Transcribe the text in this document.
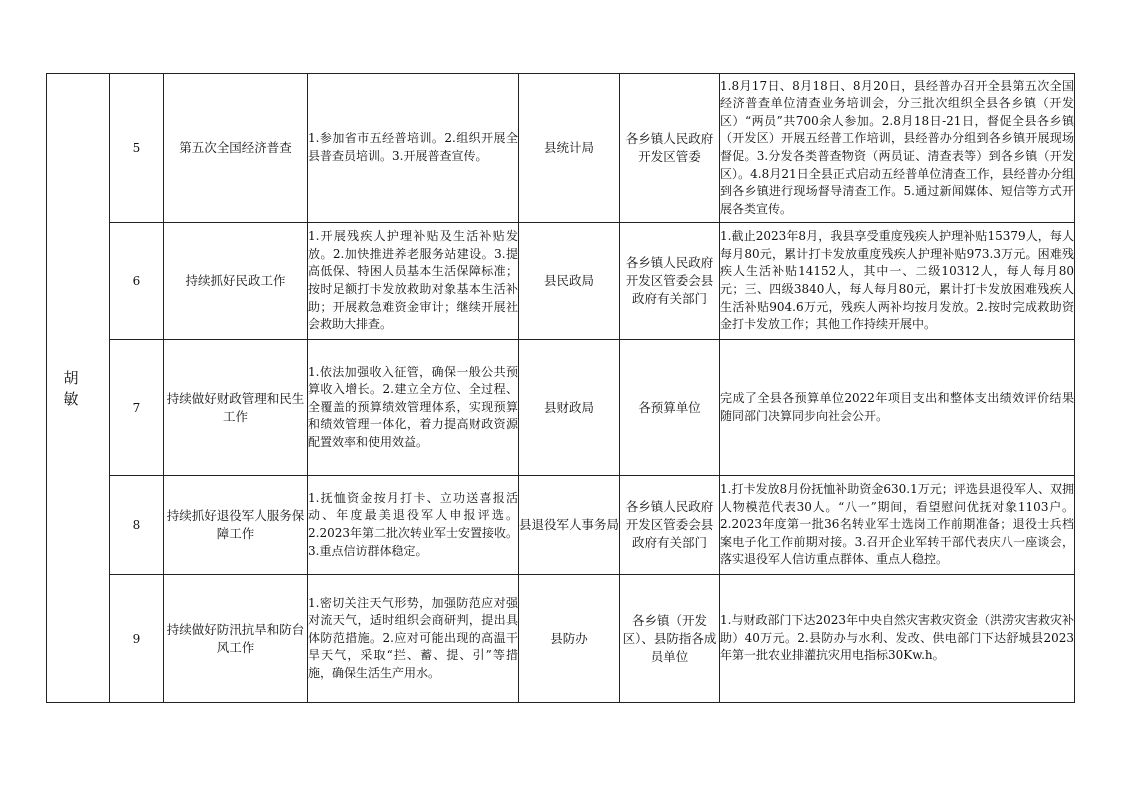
胡 敏	5	第五次全国经济普查	1.参加省市五经普培训。2.组织开展全县普查员培训。3.开展普查宣传。	县统计局	各乡镇人民政府开发区管委	1.8月17日、8月18日、8月20日，县经普办召开全县第五次全国经济普查单位清查业务培训会，分三批次组织全县各乡镇（开发区）“两员”共700余人参加。2.8月18日-21日，督促全县各乡镇（开发区）开展五经普工作培训，县经普办分组到各乡镇开展现场督促。3.分发各类普查物资（两员证、清查表等）到各乡镇（开发区）。4.8月21日全县正式启动五经普单位清查工作，县经普办分组到各乡镇进行现场督导清查工作。5.通过新闻媒体、短信等方式开展各类宣传。
	6	持续抓好民政工作	1.开展残疾人护理补贴及生活补贴发放。2.加快推进养老服务站建设。3.提高低保、特困人员基本生活保障标准；按时足额打卡发放救助对象基本生活补助；开展救急难资金审计；继续开展社会救助大排查。	县民政局	各乡镇人民政府开发区管委会县政府有关部门	1.截止2023年8月，我县享受重度残疾人护理补贴15379人，每人每月80元，累计打卡发放重度残疾人护理补贴973.3万元。困难残疾人生活补贴14152人，其中一、二级10312人，每人每月80元；三、四级3840人，每人每月80元，累计打卡发放困难残疾人生活补贴904.6万元，残疾人两补均按月发放。2.按时完成救助资金打卡发放工作；其他工作持续开展中。
	7	持续做好财政管理和民生工作	1.依法加强收入征管，确保一般公共预算收入增长。2.建立全方位、全过程、全覆盖的预算绩效管理体系，实现预算和绩效管理一体化，着力提高财政资源配置效率和使用效益。	县财政局	各预算单位	完成了全县各预算单位2022年项目支出和整体支出绩效评价结果随同部门决算同步向社会公开。
	8	持续抓好退役军人服务保障工作	1.抚恤资金按月打卡、立功送喜报活动、年度最美退役军人申报评选。2.2023年第二批次转业军士安置接收。3.重点信访群体稳定。	县退役军人事务局	各乡镇人民政府开发区管委会县政府有关部门	1.打卡发放8月份抚恤补助资金630.1万元；评选县退役军人、双拥人物模范代表30人。“八一”期间，看望慰问优抚对象1103户。2.2023年度第一批36名转业军士选岗工作前期准备；退役士兵档案电子化工作前期对接。3.召开企业军转干部代表庆八一座谈会，落实退役军人信访重点群体、重点人稳控。
	9	持续做好防汛抗旱和防台风工作	1.密切关注天气形势，加强防范应对强对流天气，适时组织会商研判，提出具体防范措施。2.应对可能出现的高温干旱天气，采取“拦、蓄、提、引”等措施，确保生活生产用水。	县防办	各乡镇（开发区）、县防指各成员单位	1.与财政部门下达2023年中央自然灾害救灾资金（洪涝灾害救灾补助）40万元。2.县防办与水利、发改、供电部门下达舒城县2023年第一批农业排灌抗灾用电指标30Kw.h。
